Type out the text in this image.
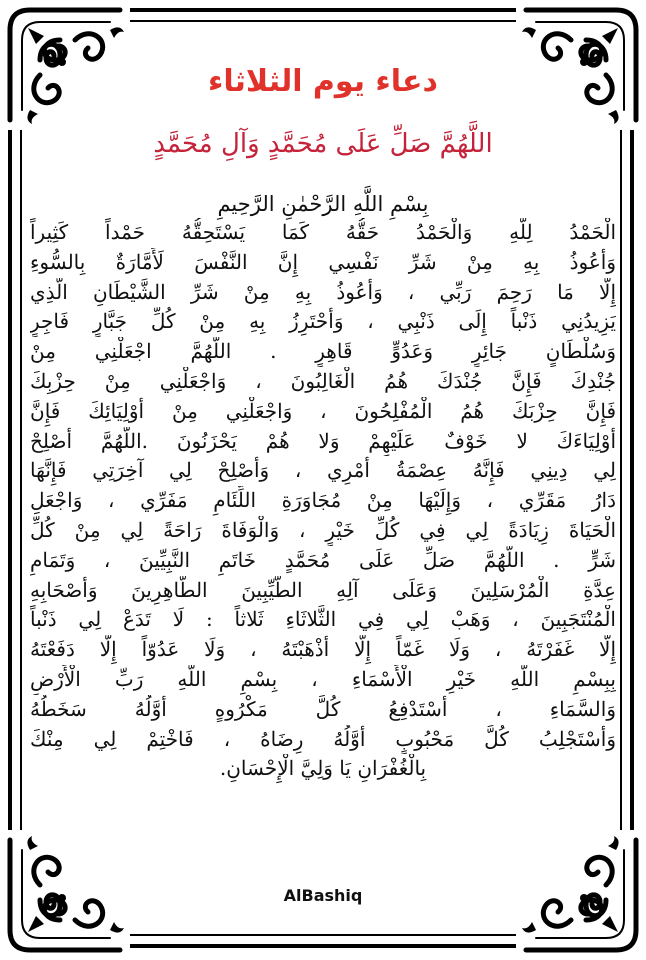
دعاء يوم الثلاثاء
اللَّهُمَّ صَلِّ عَلَى مُحَمَّدٍ وَآلِ مُحَمَّدٍ
بِسْمِ اللَّهِ الرَّحْمٰنِ الرَّحِيمِ
الْحَمْدُ لِلَّهِ وَالْحَمْدُ حَقُّهُ كَمَا يَسْتَحِقُّهُ حَمْداً كَثِيراً
وَأَعُوذُ بِهِ مِنْ شَرِّ نَفْسِي إِنَّ النَّفْسَ لَأَمَّارَةٌ بِالسُّوءِ
إِلَّا مَا رَحِمَ رَبِّي ، وَأَعُوذُ بِهِ مِنْ شَرِّ الشَّيْطَانِ الَّذِي
يَزِيدُنِي ذَنْباً إِلَى ذَنْبِي ، وَأَحْتَرِزُ بِهِ مِنْ كُلِّ جَبَّارٍ فَاجِرٍ
وَسُلْطَانٍ جَائِرٍ وَعَدُوٍّ قَاهِرٍ . اللَّهُمَّ اجْعَلْنِي مِنْ
جُنْدِكَ فَإِنَّ جُنْدَكَ هُمُ الْغَالِبُونَ ، وَاجْعَلْنِي مِنْ حِزْبِكَ
فَإِنَّ حِزْبَكَ هُمُ الْمُفْلِحُونَ ، وَاجْعَلْنِي مِنْ أَوْلِيَائِكَ فَإِنَّ
أَوْلِيَاءَكَ لا خَوْفٌ عَلَيْهِمْ وَلا هُمْ يَحْزَنُونَ .اللَّهُمَّ أَصْلِحْ
لِي دِينِي فَإِنَّهُ عِصْمَةُ أَمْرِي ، وَأَصْلِحْ لِي آخِرَتِي فَإِنَّهَا
دَارُ مَقَرِّي ، وَإِلَيْهَا مِنْ مُجَاوَرَةِ اللِّئَامِ مَفَرِّي ، وَاجْعَلِ
الْحَيَاةَ زِيَادَةً لِي فِي كُلِّ خَيْرٍ ، وَالْوَفَاةَ رَاحَةً لِي مِنْ كُلِّ
شَرٍّ . اللَّهُمَّ صَلِّ عَلَى مُحَمَّدٍ خَاتَمِ النَّبِيِّينَ ، وَتَمَامِ
عِدَّةِ الْمُرْسَلِينَ وَعَلَى آلِهِ الطَّيِّبِينَ الطَّاهِرِينَ وَأَصْحَابِهِ
الْمُنْتَجَبِينَ ، وَهَبْ لِي فِي الثَّلاثَاءِ ثَلاثاً : لَا تَدَعْ لِي ذَنْباً
إِلَّا غَفَرْتَهُ ، وَلَا غَمّاً إِلَّا أَذْهَبْتَهُ ، وَلَا عَدُوّاً إِلَّا دَفَعْتَهُ
بِبِسْمِ اللَّهِ خَيْرِ الْأَسْمَاءِ ، بِسْمِ اللَّهِ رَبِّ الْأَرْضِ
وَالسَّمَاءِ ، أَسْتَدْفِعُ كُلَّ مَكْرُوهٍ أَوَّلُهُ سَخَطُهُ
وَأَسْتَجْلِبُ كُلَّ مَحْبُوبٍ أَوَّلُهُ رِضَاهُ ، فَاخْتِمْ لِي مِنْكَ
بِالْغُفْرَانِ يَا وَلِيَّ الْإِحْسَانِ.
AlBashiq
